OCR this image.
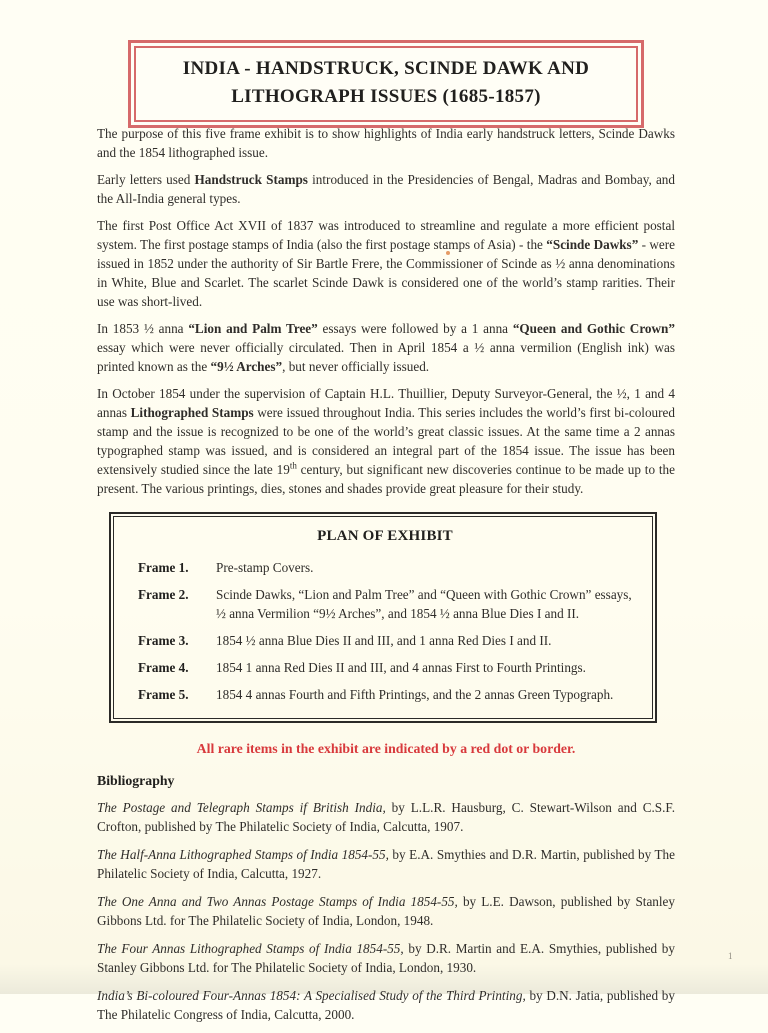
INDIA - HANDSTRUCK, SCINDE DAWK AND
LITHOGRAPH ISSUES (1685-1857)

The purpose of this five frame exhibit is to show highlights of India early handstruck letters, Scinde Dawks and the 1854 lithographed issue.

Early letters used Handstruck Stamps introduced in the Presidencies of Bengal, Madras and Bombay, and the All-India general types.

The first Post Office Act XVII of 1837 was introduced to streamline and regulate a more efficient postal system. The first postage stamps of India (also the first postage stamps of Asia) - the “Scinde Dawks” - were issued in 1852 under the authority of Sir Bartle Frere, the Commissioner of Scinde as ½ anna denominations in White, Blue and Scarlet. The scarlet Scinde Dawk is considered one of the world’s stamp rarities. Their use was short-lived.

In 1853 ½ anna “Lion and Palm Tree” essays were followed by a 1 anna “Queen and Gothic Crown” essay which were never officially circulated. Then in April 1854 a ½ anna vermilion (English ink) was printed known as the “9½ Arches”, but never officially issued.

In October 1854 under the supervision of Captain H.L. Thuillier, Deputy Surveyor-General, the ½, 1 and 4 annas Lithographed Stamps were issued throughout India. This series includes the world’s first bi-coloured stamp and the issue is recognized to be one of the world’s great classic issues. At the same time a 2 annas typographed stamp was issued, and is considered an integral part of the 1854 issue. The issue has been extensively studied since the late 19th century, but significant new discoveries continue to be made up to the present. The various printings, dies, stones and shades provide great pleasure for their study.

PLAN OF EXHIBIT
Frame 1.	Pre-stamp Covers.
Frame 2.	Scinde Dawks, “Lion and Palm Tree” and “Queen with Gothic Crown” essays, ½ anna Vermilion “9½ Arches”, and 1854 ½ anna Blue Dies I and II.
Frame 3.	1854 ½ anna Blue Dies II and III, and 1 anna Red Dies I and II.
Frame 4.	1854 1 anna Red Dies II and III, and 4 annas First to Fourth Printings.
Frame 5.	1854 4 annas Fourth and Fifth Printings, and the 2 annas Green Typograph.
All rare items in the exhibit are indicated by a red dot or border.
Bibliography

The Postage and Telegraph Stamps if British India, by L.L.R. Hausburg, C. Stewart-Wilson and C.S.F. Crofton, published by The Philatelic Society of India, Calcutta, 1907.

The Half-Anna Lithographed Stamps of India 1854-55, by E.A. Smythies and D.R. Martin, published by The Philatelic Society of India, Calcutta, 1927.

The One Anna and Two Annas Postage Stamps of India 1854-55, by L.E. Dawson, published by Stanley Gibbons Ltd. for The Philatelic Society of India, London, 1948.

The Four Annas Lithographed Stamps of India 1854-55, by D.R. Martin and E.A. Smythies, published by Stanley Gibbons Ltd. for The Philatelic Society of India, London, 1930.

India’s Bi-coloured Four-Annas 1854: A Specialised Study of the Third Printing, by D.N. Jatia, published by The Philatelic Congress of India, Calcutta, 2000.

1
